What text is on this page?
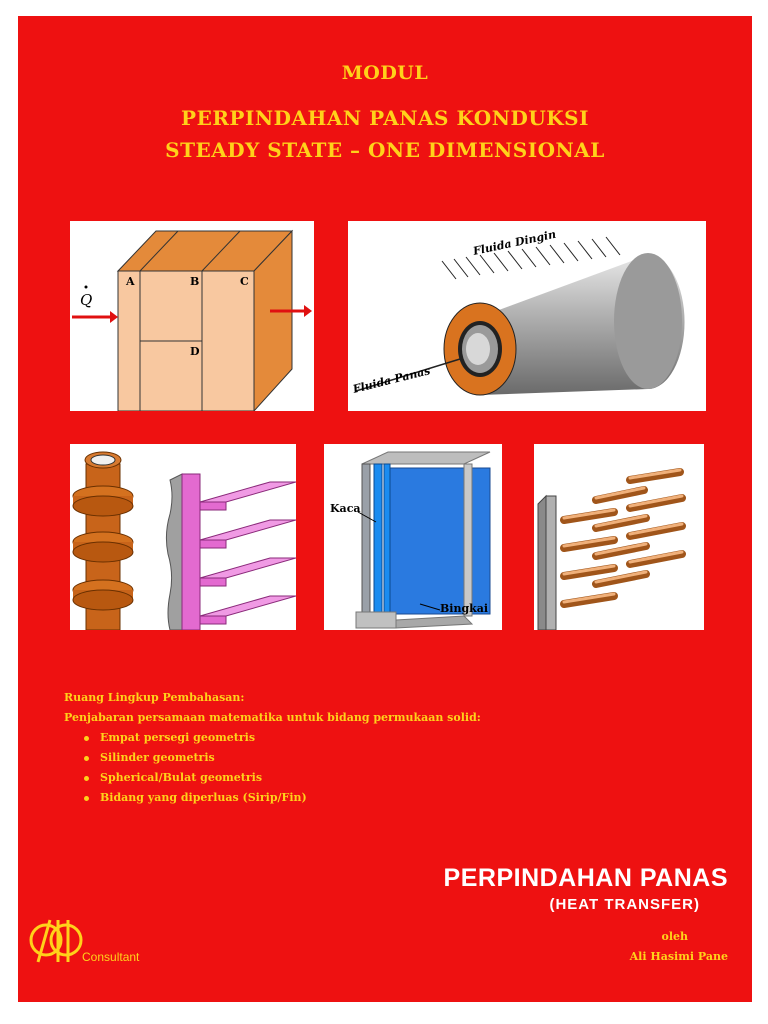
MODUL
PERPINDAHAN PANAS KONDUKSI
STEADY STATE – ONE DIMENSIONAL
Q
A	B	C
D
Fluida Dingin
Fluida Panas
Kaca
Bingkai
Ruang Lingkup Pembahasan:
Penjabaran persamaan matematika untuk bidang permukaan solid:
Empat persegi geometris
Silinder geometris
Spherical/Bulat geometris
Bidang yang diperluas (Sirip/Fin)
PERPINDAHAN PANAS
(HEAT TRANSFER)
oleh
Ali Hasimi Pane
Consultant
